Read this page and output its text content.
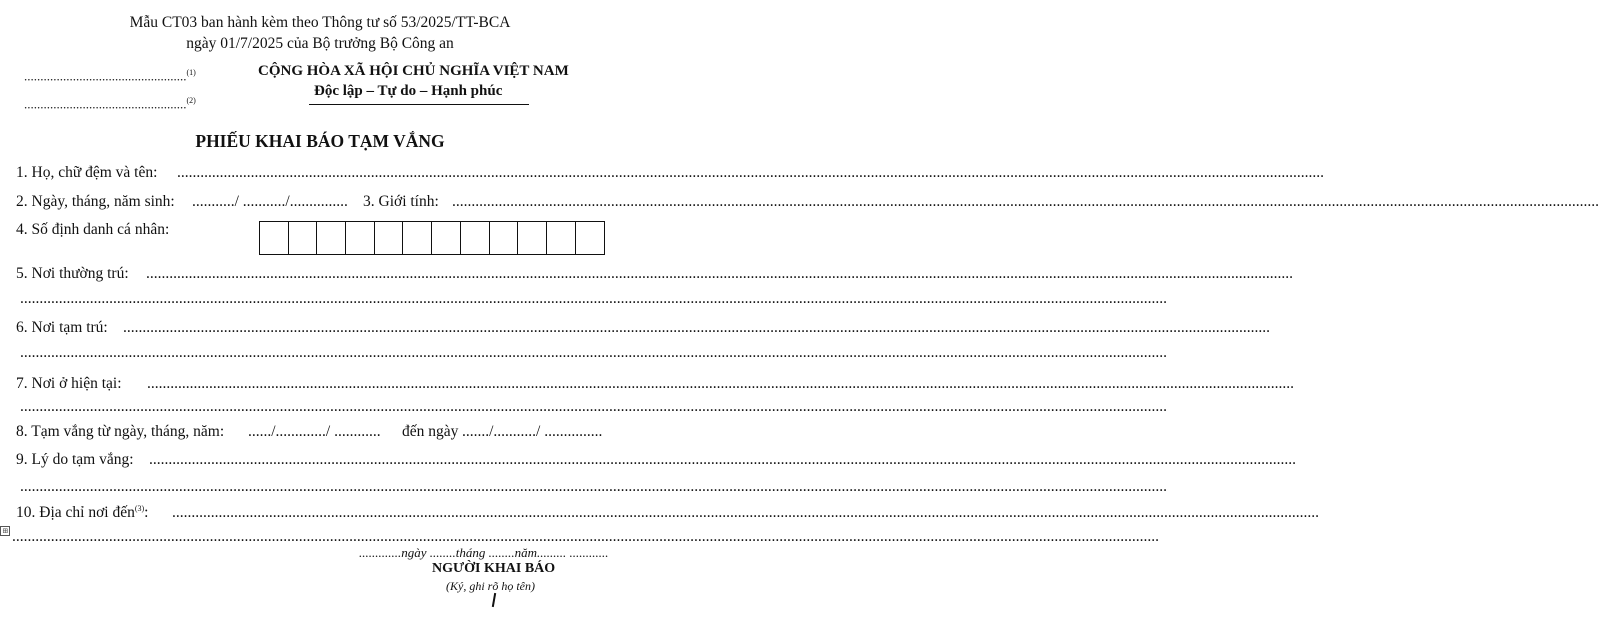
Mẫu CT03 ban hành kèm theo Thông tư số 53/2025/TT-BCA
ngày 01/7/2025 của Bộ trưởng Bộ Công an
..................................................$^{(1)}$
..................................................$^{(2)}$
CỘNG HÒA XÃ HỘI CHỦ NGHĨA VIỆT NAM
Độc lập – Tự do – Hạnh phúc
PHIẾU KHAI BÁO TẠM VẮNG
1. Họ, chữ đệm và tên: ........................................................................................................................................................................................................................................................................................................
2. Ngày, tháng, năm sinh: .........../ .........../............... 3. Giới tính: ........................................................................................................................................................................................................................................................................................................
4. Số định danh cá nhân:
5. Nơi thường trú: ........................................................................................................................................................................................................................................................................................................
........................................................................................................................................................................................................................................................................................................
6. Nơi tạm trú: ........................................................................................................................................................................................................................................................................................................
........................................................................................................................................................................................................................................................................................................
7. Nơi ở hiện tại: ........................................................................................................................................................................................................................................................................................................
........................................................................................................................................................................................................................................................................................................
8. Tạm vắng từ ngày, tháng, năm: ....../............./ ............ đến ngày ......./.........../ ...............
9. Lý do tạm vắng: ........................................................................................................................................................................................................................................................................................................
........................................................................................................................................................................................................................................................................................................
10. Địa chỉ nơi đến$^{(3)}$: ........................................................................................................................................................................................................................................................................................................
⊞ ........................................................................................................................................................................................................................................................................................................
.............ngày ........tháng ........năm......... ............
NGƯỜI KHAI BÁO
(Ký, ghi rõ họ tên)
